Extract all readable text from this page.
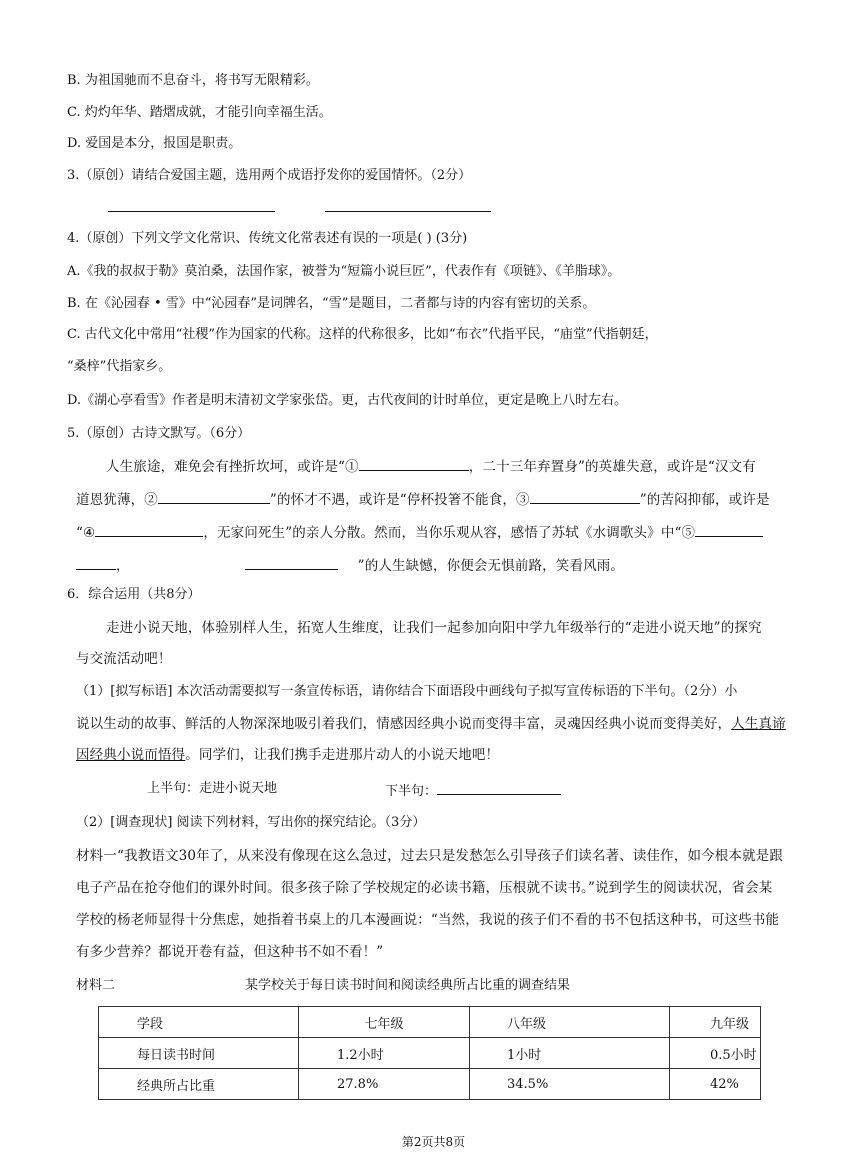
B. 为祖国驰而不息奋斗，将书写无限精彩。
C. 灼灼年华、踏熠成就，才能引向幸福生活。
D. 爱国是本分，报国是职责。
3.（原创）请结合爱国主题，选用两个成语抒发你的爱国情怀。（2分）
4.（原创）下列文学文化常识、传统文化常表述有误的一项是( ) (3分)
A.《我的叔叔于勒》莫泊桑，法国作家，被誉为“短篇小说巨匠”，代表作有《项链》、《羊脂球》。
B. 在《沁园春 • 雪》中“沁园春”是词牌名，“雪”是题目，二者都与诗的内容有密切的关系。
C. 古代文化中常用“社稷”作为国家的代称。这样的代称很多，比如“布衣”代指平民，“庙堂”代指朝廷，
“桑梓”代指家乡。
D.《湖心亭看雪》作者是明末清初文学家张岱。更，古代夜间的计时单位，更定是晚上八时左右。
5.（原创）古诗文默写。（6分）
人生旅途，难免会有挫折坎坷，或许是“①	，二十三年弃置身”的英雄失意，或许是“汉文有
道恩犹薄，②	”的怀才不遇，或许是“停杯投箸不能食，③	”的苦闷抑郁，或许是
“④	，无家问死生”的亲人分散。然而，当你乐观从容，感悟了苏轼《水调歌头》中“⑤
，	”的人生缺憾，你便会无惧前路，笑看风雨。
6．综合运用（共8分）
走进小说天地，体验别样人生，拓宽人生维度，让我们一起参加向阳中学九年级举行的“走进小说天地”的探究
与交流活动吧！
（1）[拟写标语] 本次活动需要拟写一条宣传标语，请你结合下面语段中画线句子拟写宣传标语的下半句。（2分）小
说以生动的故事、鲜活的人物深深地吸引着我们，情感因经典小说而变得丰富，灵魂因经典小说而变得美好，人生真谛
因经典小说而悟得。同学们，让我们携手走进那片动人的小说天地吧！
上半句：走进小说天地	下半句：
（2）[调查现状] 阅读下列材料，写出你的探究结论。（3分）
材料一“我教语文30年了，从来没有像现在这么急过，过去只是发愁怎么引导孩子们读名著、读佳作，如今根本就是跟
电子产品在抢夺他们的课外时间。很多孩子除了学校规定的必读书籍，压根就不读书。”说到学生的阅读状况，省会某
学校的杨老师显得十分焦虑，她指着书桌上的几本漫画说：“当然，我说的孩子们不看的书不包括这种书，可这些书能
有多少营养？都说开卷有益，但这种书不如不看！”
材料二	某学校关于每日读书时间和阅读经典所占比重的调查结果
学段	七年级	八年级	九年级
每日读书时间	1.2小时	1小时	0.5小时
经典所占比重	27.8%	34.5%	42%
第2页共8页
